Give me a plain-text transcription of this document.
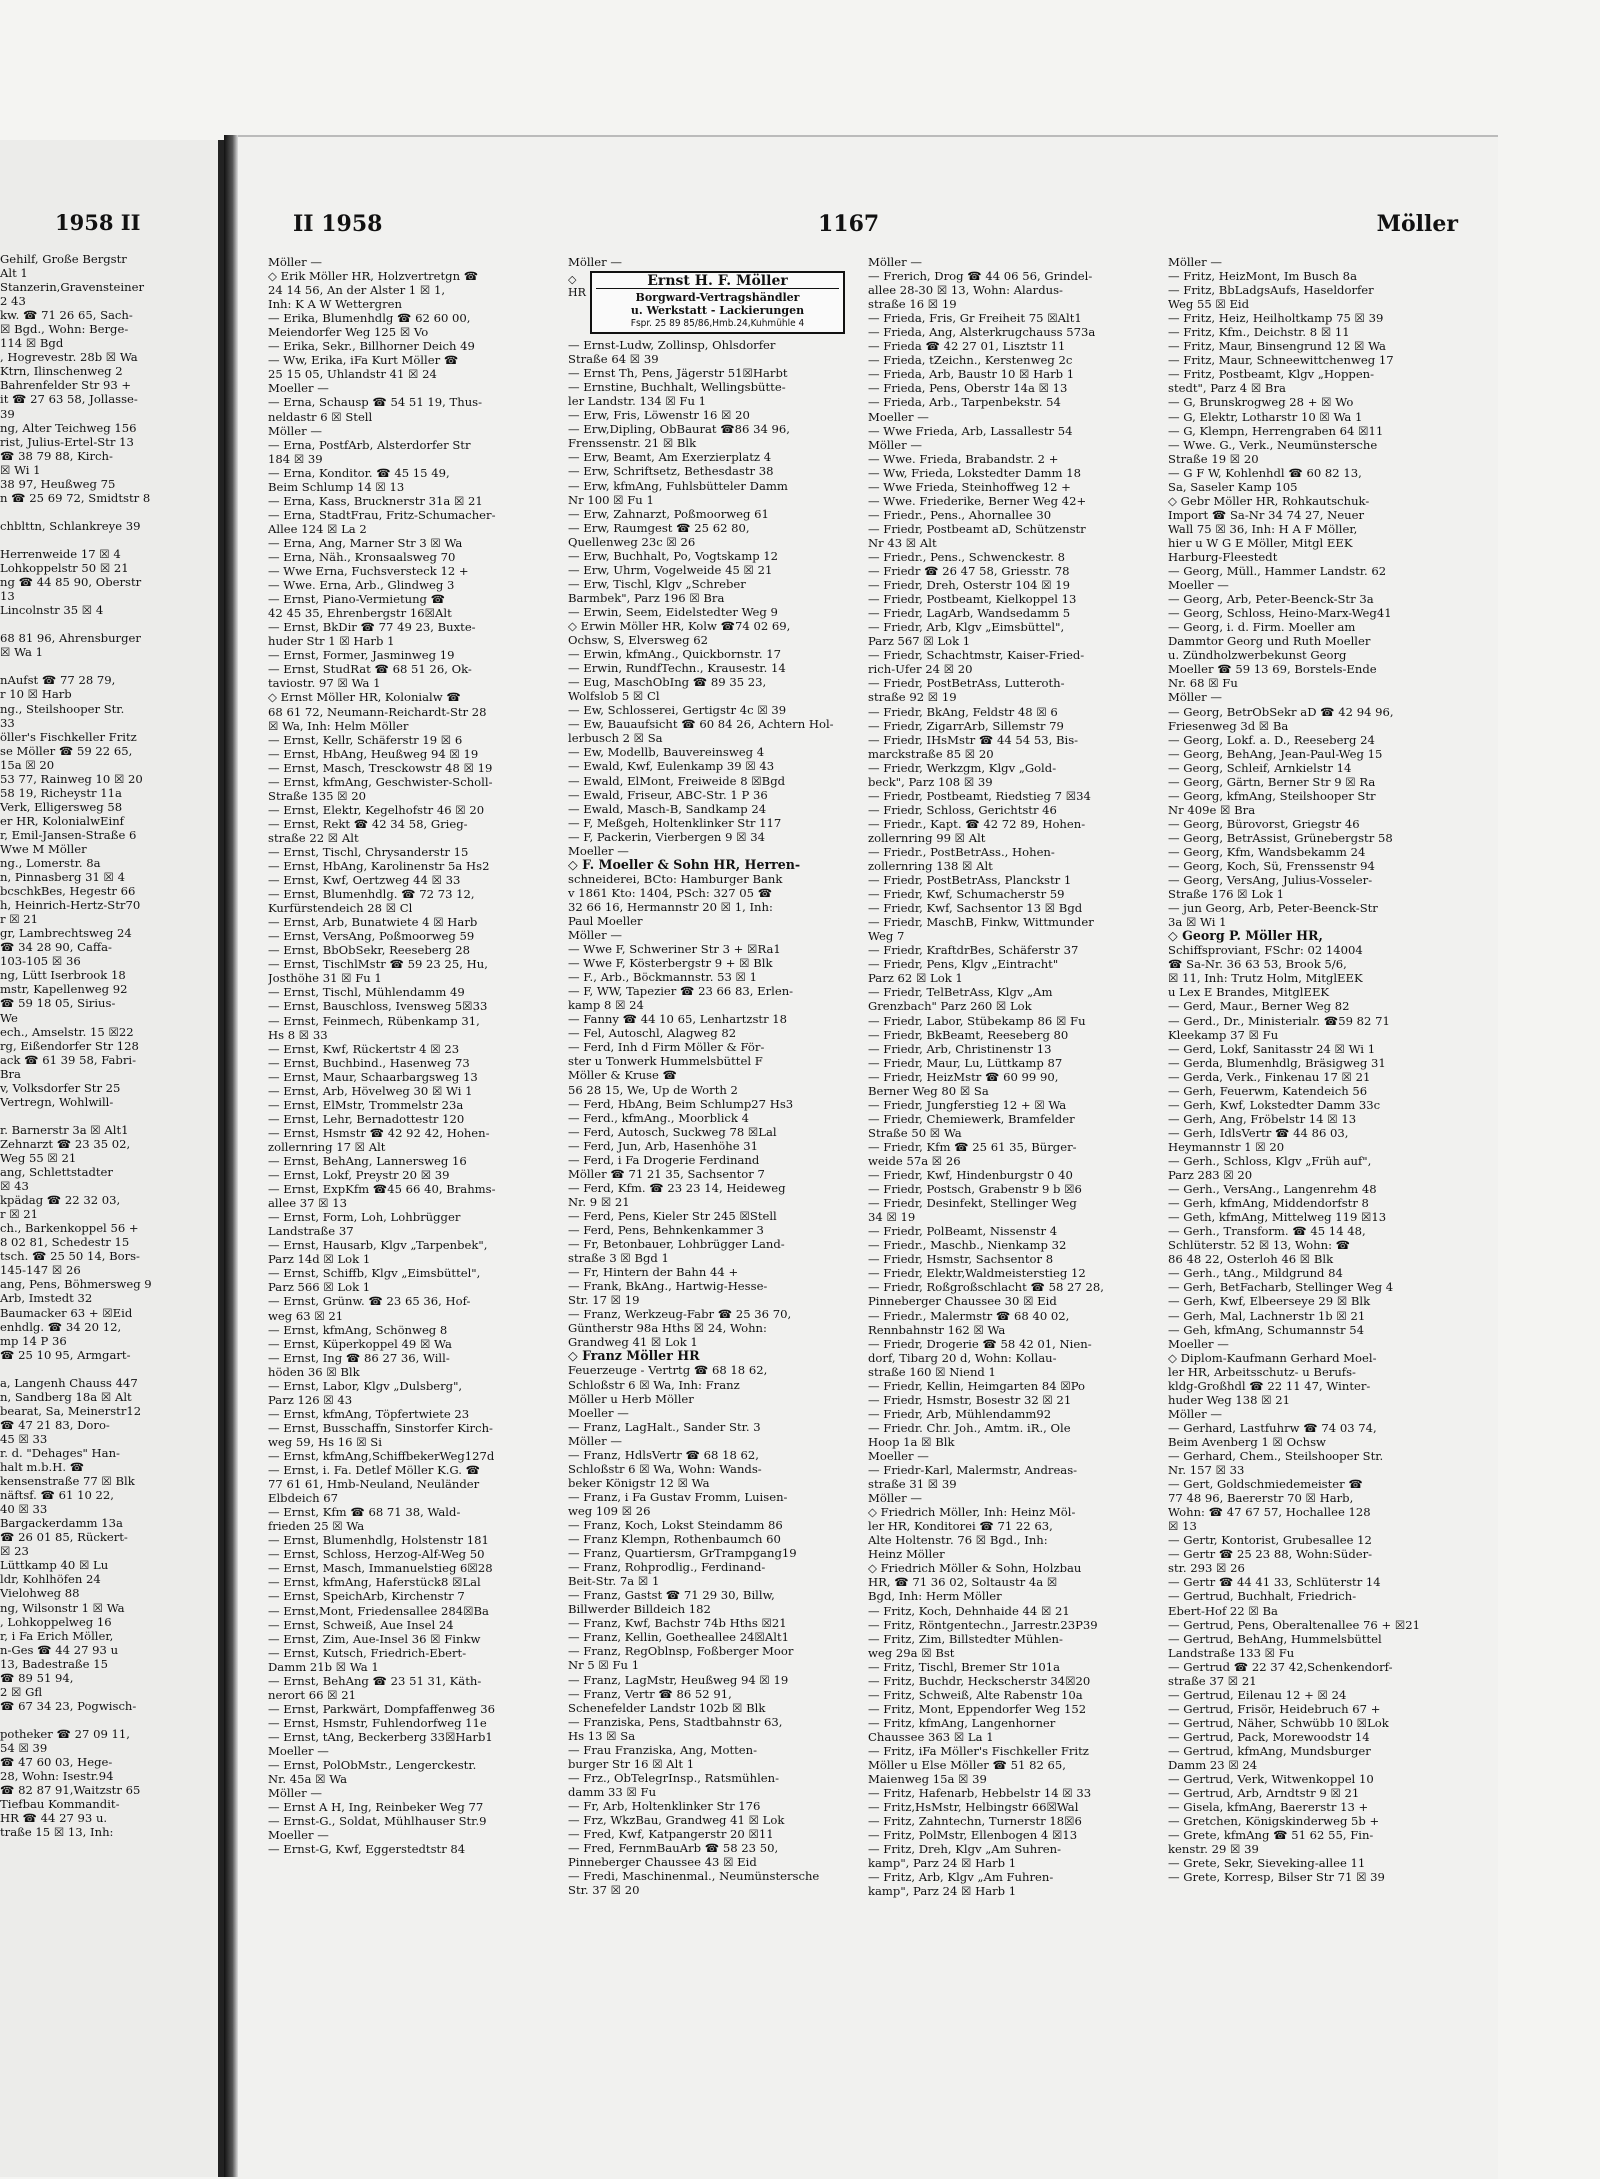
1958 II
Gehilf, Große Bergstr
Alt 1
Stanzerin,Gravensteiner
2 43
kw. ☎ 71 26 65, Sach-
☒ Bgd., Wohn: Berge-
114 ☒ Bgd
, Hogrevestr. 28b ☒ Wa
Ktrn, Ilinschenweg 2
Bahrenfelder Str 93 +
it ☎ 27 63 58, Jollasse-
39
ng, Alter Teichweg 156
rist, Julius-Ertel-Str 13
☎ 38 79 88, Kirch-
☒ Wi 1
38 97, Heußweg 75
n ☎ 25 69 72, Smidtstr 8

chblttn, Schlankreye 39

Herrenweide 17 ☒ 4
Lohkoppelstr 50 ☒ 21
ng ☎ 44 85 90, Oberstr
13
Lincolnstr 35 ☒ 4

68 81 96, Ahrensburger
☒ Wa 1

nAufst ☎ 77 28 79,
r 10 ☒ Harb
ng., Steilshooper Str.
33
öller's Fischkeller Fritz
se Möller ☎ 59 22 65,
15a ☒ 20
53 77, Rainweg 10 ☒ 20
58 19, Richeystr 11a
Verk, Elligersweg 58
er HR, KolonialwEinf
r, Emil-Jansen-Straße 6
Wwe M Möller
ng., Lomerstr. 8a
n, Pinnasberg 31 ☒ 4
bcschkBes, Hegestr 66
h, Heinrich-Hertz-Str70
r ☒ 21
gr, Lambrechtsweg 24
☎ 34 28 90, Caffa-
103-105 ☒ 36
ng, Lütt Iserbrook 18
mstr, Kapellenweg 92
☎ 59 18 05, Sirius-
We
ech., Amselstr. 15 ☒22
rg, Eißendorfer Str 128
ack ☎ 61 39 58, Fabri-
Bra
v, Volksdorfer Str 25
Vertregn, Wohlwill-

r. Barnerstr 3a ☒ Alt1
Zehnarzt ☎ 23 35 02,
Weg 55 ☒ 21
ang, Schlettstadter
☒ 43
kpädag ☎ 22 32 03,
r ☒ 21
ch., Barkenkoppel 56 +
8 02 81, Schedestr 15
tsch. ☎ 25 50 14, Bors-
145-147 ☒ 26
ang, Pens, Böhmersweg 9
Arb, Imstedt 32
Baumacker 63 + ☒Eid
enhdlg. ☎ 34 20 12,
mp 14 P 36
☎ 25 10 95, Armgart-

a, Langenh Chauss 447
n, Sandberg 18a ☒ Alt
bearat, Sa, Meinerstr12
☎ 47 21 83, Doro-
45 ☒ 33
r. d. "Dehages" Han-
halt m.b.H. ☎
kensenstraße 77 ☒ Blk
näftsf. ☎ 61 10 22,
40 ☒ 33
Bargackerdamm 13a
☎ 26 01 85, Rückert-
☒ 23
Lüttkamp 40 ☒ Lu
ldr, Kohlhöfen 24
Vielohweg 88
ng, Wilsonstr 1 ☒ Wa
, Lohkoppelweg 16
r, i Fa Erich Möller,
n-Ges ☎ 44 27 93 u
13, Badestraße 15
☎ 89 51 94,
2 ☒ Gfl
☎ 67 34 23, Pogwisch-

potheker ☎ 27 09 11,
54 ☒ 39
☎ 47 60 03, Hege-
28, Wohn: Isestr.94
☎ 82 87 91,Waitzstr 65
Tiefbau Kommandit-
HR ☎ 44 27 93 u.
traße 15 ☒ 13, Inh:
II 1958	1167	Möller
Möller —
◇ Erik Möller HR, Holzvertretgn ☎
24 14 56, An der Alster 1 ☒ 1,
Inh: K A W Wettergren
— Erika, Blumenhdlg ☎ 62 60 00,
Meiendorfer Weg 125 ☒ Vo
— Erika, Sekr., Billhorner Deich 49
— Ww, Erika, iFa Kurt Möller ☎
25 15 05, Uhlandstr 41 ☒ 24
Moeller —
— Erna, Schausp ☎ 54 51 19, Thus-
neldastr 6 ☒ Stell
Möller —
— Erna, PostfArb, Alsterdorfer Str
184 ☒ 39
— Erna, Konditor. ☎ 45 15 49,
Beim Schlump 14 ☒ 13
— Erna, Kass, Brucknerstr 31a ☒ 21
— Erna, StadtFrau, Fritz-Schumacher-
Allee 124 ☒ La 2
— Erna, Ang, Marner Str 3 ☒ Wa
— Erna, Näh., Kronsaalsweg 70
— Wwe Erna, Fuchsversteck 12 +
— Wwe. Erna, Arb., Glindweg 3
— Ernst, Piano-Vermietung ☎
42 45 35, Ehrenbergstr 16☒Alt
— Ernst, BkDir ☎ 77 49 23, Buxte-
huder Str 1 ☒ Harb 1
— Ernst, Former, Jasminweg 19
— Ernst, StudRat ☎ 68 51 26, Ok-
taviostr. 97 ☒ Wa 1
◇ Ernst Möller HR, Kolonialw ☎
68 61 72, Neumann-Reichardt-Str 28
☒ Wa, Inh: Helm Möller
— Ernst, Kellr, Schäferstr 19 ☒ 6
— Ernst, HbAng, Heußweg 94 ☒ 19
— Ernst, Masch, Tresckowstr 48 ☒ 19
— Ernst, kfmAng, Geschwister-Scholl-
Straße 135 ☒ 20
— Ernst, Elektr, Kegelhofstr 46 ☒ 20
— Ernst, Rekt ☎ 42 34 58, Grieg-
straße 22 ☒ Alt
— Ernst, Tischl, Chrysanderstr 15
— Ernst, HbAng, Karolinenstr 5a Hs2
— Ernst, Kwf, Oertzweg 44 ☒ 33
— Ernst, Blumenhdlg. ☎ 72 73 12,
Kurfürstendeich 28 ☒ Cl
— Ernst, Arb, Bunatwiete 4 ☒ Harb
— Ernst, VersAng, Poßmoorweg 59
— Ernst, BbObSekr, Reeseberg 28
— Ernst, TischlMstr ☎ 59 23 25, Hu,
Josthöhe 31 ☒ Fu 1
— Ernst, Tischl, Mühlendamm 49
— Ernst, Bauschloss, Ivensweg 5☒33
— Ernst, Feinmech, Rübenkamp 31,
Hs 8 ☒ 33
— Ernst, Kwf, Rückertstr 4 ☒ 23
— Ernst, Buchbind., Hasenweg 73
— Ernst, Maur, Schaarbargsweg 13
— Ernst, Arb, Hövelweg 30 ☒ Wi 1
— Ernst, ElMstr, Trommelstr 23a
— Ernst, Lehr, Bernadottestr 120
— Ernst, Hsmstr ☎ 42 92 42, Hohen-
zollernring 17 ☒ Alt
— Ernst, BehAng, Lannersweg 16
— Ernst, Lokf, Preystr 20 ☒ 39
— Ernst, ExpKfm ☎45 66 40, Brahms-
allee 37 ☒ 13
— Ernst, Form, Loh, Lohbrügger
Landstraße 37
— Ernst, Hausarb, Klgv „Tarpenbek",
Parz 14d ☒ Lok 1
— Ernst, Schiffb, Klgv „Eimsbüttel",
Parz 566 ☒ Lok 1
— Ernst, Grünw. ☎ 23 65 36, Hof-
weg 63 ☒ 21
— Ernst, kfmAng, Schönweg 8
— Ernst, Küperkoppel 49 ☒ Wa
— Ernst, Ing ☎ 86 27 36, Will-
höden 36 ☒ Blk
— Ernst, Labor, Klgv „Dulsberg",
Parz 126 ☒ 43
— Ernst, kfmAng, Töpfertwiete 23
— Ernst, Busschaffn, Sinstorfer Kirch-
weg 59, Hs 16 ☒ Si
— Ernst, kfmAng,SchiffbekerWeg127d
— Ernst, i. Fa. Detlef Möller K.G. ☎
77 61 61, Hmb-Neuland, Neuländer
Elbdeich 67
— Ernst, Kfm ☎ 68 71 38, Wald-
frieden 25 ☒ Wa
— Ernst, Blumenhdlg, Holstenstr 181
— Ernst, Schloss, Herzog-Alf-Weg 50
— Ernst, Masch, Immanuelstieg 6☒28
— Ernst, kfmAng, Haferstück8 ☒Lal
— Ernst, SpeichArb, Kirchenstr 7
— Ernst,Mont, Friedensallee 284☒Ba
— Ernst, Schweiß, Aue Insel 24
— Ernst, Zim, Aue-Insel 36 ☒ Finkw
— Ernst, Kutsch, Friedrich-Ebert-
Damm 21b ☒ Wa 1
— Ernst, BehAng ☎ 23 51 31, Käth-
nerort 66 ☒ 21
— Ernst, Parkwärt, Dompfaffenweg 36
— Ernst, Hsmstr, Fuhlendorfweg 11e
— Ernst, tAng, Beckerberg 33☒Harb1
Moeller —
— Ernst, PolObMstr., Lengerckestr.
Nr. 45a ☒ Wa
Möller —
— Ernst A H, Ing, Reinbeker Weg 77
— Ernst-G., Soldat, Mühlhauser Str.9
Moeller —
— Ernst-G, Kwf, Eggerstedtstr 84
Möller —
◇
HR
Ernst H. F. Möller
Borgward-Vertragshändler
u. Werkstatt - Lackierungen
Fspr. 25 89 85/86,Hmb.24,Kuhmühle 4
— Ernst-Ludw, Zollinsp, Ohlsdorfer
Straße 64 ☒ 39
— Ernst Th, Pens, Jägerstr 51☒Harbt
— Ernstine, Buchhalt, Wellingsbütte-
ler Landstr. 134 ☒ Fu 1
— Erw, Fris, Löwenstr 16 ☒ 20
— Erw,Dipling, ObBaurat ☎86 34 96,
Frenssenstr. 21 ☒ Blk
— Erw, Beamt, Am Exerzierplatz 4
— Erw, Schriftsetz, Bethesdastr 38
— Erw, kfmAng, Fuhlsbütteler Damm
Nr 100 ☒ Fu 1
— Erw, Zahnarzt, Poßmoorweg 61
— Erw, Raumgest ☎ 25 62 80,
Quellenweg 23c ☒ 26
— Erw, Buchhalt, Po, Vogtskamp 12
— Erw, Uhrm, Vogelweide 45 ☒ 21
— Erw, Tischl, Klgv „Schreber
Barmbek", Parz 196 ☒ Bra
— Erwin, Seem, Eidelstedter Weg 9
◇ Erwin Möller HR, Kolw ☎74 02 69,
Ochsw, S, Elversweg 62
— Erwin, kfmAng., Quickbornstr. 17
— Erwin, RundfTechn., Krausestr. 14
— Eug, MaschObIng ☎ 89 35 23,
Wolfslob 5 ☒ Cl
— Ew, Schlosserei, Gertigstr 4c ☒ 39
— Ew, Bauaufsicht ☎ 60 84 26, Achtern Hol-
lerbusch 2 ☒ Sa
— Ew, Modellb, Bauvereinsweg 4
— Ewald, Kwf, Eulenkamp 39 ☒ 43
— Ewald, ElMont, Freiweide 8 ☒Bgd
— Ewald, Friseur, ABC-Str. 1 P 36
— Ewald, Masch-B, Sandkamp 24
— F, Meßgeh, Holtenklinker Str 117
— F, Packerin, Vierbergen 9 ☒ 34
Moeller —
◇ F. Moeller & Sohn HR, Herren-
schneiderei, BCto: Hamburger Bank
v 1861 Kto: 1404, PSch: 327 05 ☎
32 66 16, Hermannstr 20 ☒ 1, Inh:
Paul Moeller
Möller —
— Wwe F, Schweriner Str 3 + ☒Ra1
— Wwe F, Kösterbergstr 9 + ☒ Blk
— F., Arb., Böckmannstr. 53 ☒ 1
— F, WW, Tapezier ☎ 23 66 83, Erlen-
kamp 8 ☒ 24
— Fanny ☎ 44 10 65, Lenhartzstr 18
— Fel, Autoschl, Alagweg 82
— Ferd, Inh d Firm Möller & För-
ster u Tonwerk Hummelsbüttel F
Möller & Kruse ☎
56 28 15, We, Up de Worth 2
— Ferd, HbAng, Beim Schlump27 Hs3
— Ferd., kfmAng., Moorblick 4
— Ferd, Autosch, Suckweg 78 ☒Lal
— Ferd, Jun, Arb, Hasenhöhe 31
— Ferd, i Fa Drogerie Ferdinand
Möller ☎ 71 21 35, Sachsentor 7
— Ferd, Kfm. ☎ 23 23 14, Heideweg
Nr. 9 ☒ 21
— Ferd, Pens, Kieler Str 245 ☒Stell
— Ferd, Pens, Behnkenkammer 3
— Fr, Betonbauer, Lohbrügger Land-
straße 3 ☒ Bgd 1
— Fr, Hintern der Bahn 44 +
— Frank, BkAng., Hartwig-Hesse-
Str. 17 ☒ 19
— Franz, Werkzeug-Fabr ☎ 25 36 70,
Güntherstr 98a Hths ☒ 24, Wohn:
Grandweg 41 ☒ Lok 1
◇ Franz Möller HR
Feuerzeuge - Vertrtg ☎ 68 18 62,
Schloßstr 6 ☒ Wa, Inh: Franz
Möller u Herb Möller
Moeller —
— Franz, LagHalt., Sander Str. 3
Möller —
— Franz, HdlsVertr ☎ 68 18 62,
Schloßstr 6 ☒ Wa, Wohn: Wands-
beker Königstr 12 ☒ Wa
— Franz, i Fa Gustav Fromm, Luisen-
weg 109 ☒ 26
— Franz, Koch, Lokst Steindamm 86
— Franz Klempn, Rothenbaumch 60
— Franz, Quartiersm, GrTrampgang19
— Franz, Rohprodlig., Ferdinand-
Beit-Str. 7a ☒ 1
— Franz, Gastst ☎ 71 29 30, Billw,
Billwerder Billdeich 182
— Franz, Kwf, Bachstr 74b Hths ☒21
— Franz, Kellin, Goetheallee 24☒Alt1
— Franz, RegOblnsp, Foßberger Moor
Nr 5 ☒ Fu 1
— Franz, LagMstr, Heußweg 94 ☒ 19
— Franz, Vertr ☎ 86 52 91,
Schenefelder Landstr 102b ☒ Blk
— Franziska, Pens, Stadtbahnstr 63,
Hs 13 ☒ Sa
— Frau Franziska, Ang, Motten-
burger Str 16 ☒ Alt 1
— Frz., ObTelegrInsp., Ratsmühlen-
damm 33 ☒ Fu
— Fr, Arb, Holtenklinker Str 176
— Frz, WkzBau, Grandweg 41 ☒ Lok
— Fred, Kwf, Katpangerstr 20 ☒11
— Fred, FernmBauArb ☎ 58 23 50,
Pinneberger Chaussee 43 ☒ Eid
— Fredi, Maschinenmal., Neumünstersche
Str. 37 ☒ 20
Möller —
— Frerich, Drog ☎ 44 06 56, Grindel-
allee 28-30 ☒ 13, Wohn: Alardus-
straße 16 ☒ 19
— Frieda, Fris, Gr Freiheit 75 ☒Alt1
— Frieda, Ang, Alsterkrugchauss 573a
— Frieda ☎ 42 27 01, Lisztstr 11
— Frieda, tZeichn., Kerstenweg 2c
— Frieda, Arb, Baustr 10 ☒ Harb 1
— Frieda, Pens, Oberstr 14a ☒ 13
— Frieda, Arb., Tarpenbekstr. 54
Moeller —
— Wwe Frieda, Arb, Lassallestr 54
Möller —
— Wwe. Frieda, Brabandstr. 2 +
— Ww, Frieda, Lokstedter Damm 18
— Wwe Frieda, Steinhoffweg 12 +
— Wwe. Friederike, Berner Weg 42+
— Friedr., Pens., Ahornallee 30
— Friedr, Postbeamt aD, Schützenstr
Nr 43 ☒ Alt
— Friedr., Pens., Schwenckestr. 8
— Friedr ☎ 26 47 58, Griesstr. 78
— Friedr, Dreh, Osterstr 104 ☒ 19
— Friedr, Postbeamt, Kielkoppel 13
— Friedr, LagArb, Wandsedamm 5
— Friedr, Arb, Klgv „Eimsbüttel",
Parz 567 ☒ Lok 1
— Friedr, Schachtmstr, Kaiser-Fried-
rich-Ufer 24 ☒ 20
— Friedr, PostBetrAss, Lutteroth-
straße 92 ☒ 19
— Friedr, BkAng, Feldstr 48 ☒ 6
— Friedr, ZigarrArb, Sillemstr 79
— Friedr, IHsMstr ☎ 44 54 53, Bis-
marckstraße 85 ☒ 20
— Friedr, Werkzgm, Klgv „Gold-
beck", Parz 108 ☒ 39
— Friedr, Postbeamt, Riedstieg 7 ☒34
— Friedr, Schloss, Gerichtstr 46
— Friedr., Kapt. ☎ 42 72 89, Hohen-
zollernring 99 ☒ Alt
— Friedr., PostBetrAss., Hohen-
zollernring 138 ☒ Alt
— Friedr, PostBetrAss, Planckstr 1
— Friedr, Kwf, Schumacherstr 59
— Friedr, Kwf, Sachsentor 13 ☒ Bgd
— Friedr, MaschB, Finkw, Wittmunder
Weg 7
— Friedr, KraftdrBes, Schäferstr 37
— Friedr, Pens, Klgv „Eintracht"
Parz 62 ☒ Lok 1
— Friedr, TelBetrAss, Klgv „Am
Grenzbach" Parz 260 ☒ Lok
— Friedr, Labor, Stübekamp 86 ☒ Fu
— Friedr, BkBeamt, Reeseberg 80
— Friedr, Arb, Christinenstr 13
— Friedr, Maur, Lu, Lüttkamp 87
— Friedr, HeizMstr ☎ 60 99 90,
Berner Weg 80 ☒ Sa
— Friedr, Jungferstieg 12 + ☒ Wa
— Friedr, Chemiewerk, Bramfelder
Straße 50 ☒ Wa
— Friedr, Kfm ☎ 25 61 35, Bürger-
weide 57a ☒ 26
— Friedr, Kwf, Hindenburgstr 0 40
— Friedr, Postsch, Grabenstr 9 b ☒6
— Friedr, Desinfekt, Stellinger Weg
34 ☒ 19
— Friedr, PolBeamt, Nissenstr 4
— Friedr., Maschb., Nienkamp 32
— Friedr, Hsmstr, Sachsentor 8
— Friedr, Elektr,Waldmeisterstieg 12
— Friedr, Roßgroßschlacht ☎ 58 27 28,
Pinneberger Chaussee 30 ☒ Eid
— Friedr., Malermstr ☎ 68 40 02,
Rennbahnstr 162 ☒ Wa
— Friedr, Drogerie ☎ 58 42 01, Nien-
dorf, Tibarg 20 d, Wohn: Kollau-
straße 160 ☒ Niend 1
— Friedr, Kellin, Heimgarten 84 ☒Po
— Friedr, Hsmstr, Bosestr 32 ☒ 21
— Friedr, Arb, Mühlendamm92
— Friedr. Chr. Joh., Amtm. iR., Ole
Hoop 1a ☒ Blk
Moeller —
— Friedr-Karl, Malermstr, Andreas-
straße 31 ☒ 39
Möller —
◇ Friedrich Möller, Inh: Heinz Möl-
ler HR, Konditorei ☎ 71 22 63,
Alte Holtenstr. 76 ☒ Bgd., Inh:
Heinz Möller
◇ Friedrich Möller & Sohn, Holzbau
HR, ☎ 71 36 02, Soltaustr 4a ☒
Bgd, Inh: Herm Möller
— Fritz, Koch, Dehnhaide 44 ☒ 21
— Fritz, Röntgentechn., Jarrestr.23P39
— Fritz, Zim, Billstedter Mühlen-
weg 29a ☒ Bst
— Fritz, Tischl, Bremer Str 101a
— Fritz, Buchdr, Heckscherstr 34☒20
— Fritz, Schweiß, Alte Rabenstr 10a
— Fritz, Mont, Eppendorfer Weg 152
— Fritz, kfmAng, Langenhorner
Chaussee 363 ☒ La 1
— Fritz, iFa Möller's Fischkeller Fritz
Möller u Else Möller ☎ 51 82 65,
Maienweg 15a ☒ 39
— Fritz, Hafenarb, Hebbelstr 14 ☒ 33
— Fritz,HsMstr, Helbingstr 66☒Wal
— Fritz, Zahntechn, Turnerstr 18☒6
— Fritz, PolMstr, Ellenbogen 4 ☒13
— Fritz, Dreh, Klgv „Am Suhren-
kamp", Parz 24 ☒ Harb 1
— Fritz, Arb, Klgv „Am Fuhren-
kamp", Parz 24 ☒ Harb 1
Möller —
— Fritz, HeizMont, Im Busch 8a
— Fritz, BbLadgsAufs, Haseldorfer
Weg 55 ☒ Eid
— Fritz, Heiz, Heilholtkamp 75 ☒ 39
— Fritz, Kfm., Deichstr. 8 ☒ 11
— Fritz, Maur, Binsengrund 12 ☒ Wa
— Fritz, Maur, Schneewittchenweg 17
— Fritz, Postbeamt, Klgv „Hoppen-
stedt", Parz 4 ☒ Bra
— G, Brunskrogweg 28 + ☒ Wo
— G, Elektr, Lotharstr 10 ☒ Wa 1
— G, Klempn, Herrengraben 64 ☒11
— Wwe. G., Verk., Neumünstersche
Straße 19 ☒ 20
— G F W, Kohlenhdl ☎ 60 82 13,
Sa, Saseler Kamp 105
◇ Gebr Möller HR, Rohkautschuk-
Import ☎ Sa-Nr 34 74 27, Neuer
Wall 75 ☒ 36, Inh: H A F Möller,
hier u W G E Möller, Mitgl EEK
Harburg-Fleestedt
— Georg, Müll., Hammer Landstr. 62
Moeller —
— Georg, Arb, Peter-Beenck-Str 3a
— Georg, Schloss, Heino-Marx-Weg41
— Georg, i. d. Firm. Moeller am
Dammtor Georg und Ruth Moeller
u. Zündholzwerbekunst Georg
Moeller ☎ 59 13 69, Borstels-Ende
Nr. 68 ☒ Fu
Möller —
— Georg, BetrObSekr aD ☎ 42 94 96,
Friesenweg 3d ☒ Ba
— Georg, Lokf. a. D., Reeseberg 24
— Georg, BehAng, Jean-Paul-Weg 15
— Georg, Schleif, Arnkielstr 14
— Georg, Gärtn, Berner Str 9 ☒ Ra
— Georg, kfmAng, Steilshooper Str
Nr 409e ☒ Bra
— Georg, Bürovorst, Griegstr 46
— Georg, BetrAssist, Grünebergstr 58
— Georg, Kfm, Wandsbekamm 24
— Georg, Koch, Sü, Frenssenstr 94
— Georg, VersAng, Julius-Vosseler-
Straße 176 ☒ Lok 1
— jun Georg, Arb, Peter-Beenck-Str
3a ☒ Wi 1
◇ Georg P. Möller HR,
Schiffsproviant, FSchr: 02 14004
☎ Sa-Nr. 36 63 53, Brook 5/6,
☒ 11, Inh: Trutz Holm, MitglEEK
u Lex E Brandes, MitglEEK
— Gerd, Maur., Berner Weg 82
— Gerd., Dr., Ministerialr. ☎59 82 71
Kleekamp 37 ☒ Fu
— Gerd, Lokf, Sanitasstr 24 ☒ Wi 1
— Gerda, Blumenhdlg, Bräsigweg 31
— Gerda, Verk., Finkenau 17 ☒ 21
— Gerh, Feuerwm, Katendeich 56
— Gerh, Kwf, Lokstedter Damm 33c
— Gerh, Ang, Fröbelstr 14 ☒ 13
— Gerh, IdlsVertr ☎ 44 86 03,
Heymannstr 1 ☒ 20
— Gerh., Schloss, Klgv „Früh auf",
Parz 283 ☒ 20
— Gerh., VersAng., Langenrehm 48
— Gerh, kfmAng, Middendorfstr 8
— Geth, kfmAng, Mittelweg 119 ☒13
— Gerh., Transform. ☎ 45 14 48,
Schlüterstr. 52 ☒ 13, Wohn: ☎
86 48 22, Osterloh 46 ☒ Blk
— Gerh., tAng., Mildgrund 84
— Gerh, BetFacharb, Stellinger Weg 4
— Gerh, Kwf, Elbeerseye 29 ☒ Blk
— Gerh, Mal, Lachnerstr 1b ☒ 21
— Geh, kfmAng, Schumannstr 54
Moeller —
◇ Diplom-Kaufmann Gerhard Moel-
ler HR, Arbeitsschutz- u Berufs-
kldg-Großhdl ☎ 22 11 47, Winter-
huder Weg 138 ☒ 21
Möller —
— Gerhard, Lastfuhrw ☎ 74 03 74,
Beim Avenberg 1 ☒ Ochsw
— Gerhard, Chem., Steilshooper Str.
Nr. 157 ☒ 33
— Gert, Goldschmiedemeister ☎
77 48 96, Baererstr 70 ☒ Harb,
Wohn: ☎ 47 67 57, Hochallee 128
☒ 13
— Gertr, Kontorist, Grubesallee 12
— Gertr ☎ 25 23 88, Wohn:Süder-
str. 293 ☒ 26
— Gertr ☎ 44 41 33, Schlüterstr 14
— Gertrud, Buchhalt, Friedrich-
Ebert-Hof 22 ☒ Ba
— Gertrud, Pens, Oberaltenallee 76 + ☒21
— Gertrud, BehAng, Hummelsbüttel
Landstraße 133 ☒ Fu
— Gertrud ☎ 22 37 42,Schenkendorf-
straße 37 ☒ 21
— Gertrud, Eilenau 12 + ☒ 24
— Gertrud, Frisör, Heidebruch 67 +
— Gertrud, Näher, Schwübb 10 ☒Lok
— Gertrud, Pack, Morewoodstr 14
— Gertrud, kfmAng, Mundsburger
Damm 23 ☒ 24
— Gertrud, Verk, Witwenkoppel 10
— Gertrud, Arb, Arndtstr 9 ☒ 21
— Gisela, kfmAng, Baererstr 13 +
— Gretchen, Königskinderweg 5b +
— Grete, kfmAng ☎ 51 62 55, Fin-
kenstr. 29 ☒ 39
— Grete, Sekr, Sieveking-allee 11
— Grete, Korresp, Bilser Str 71 ☒ 39
